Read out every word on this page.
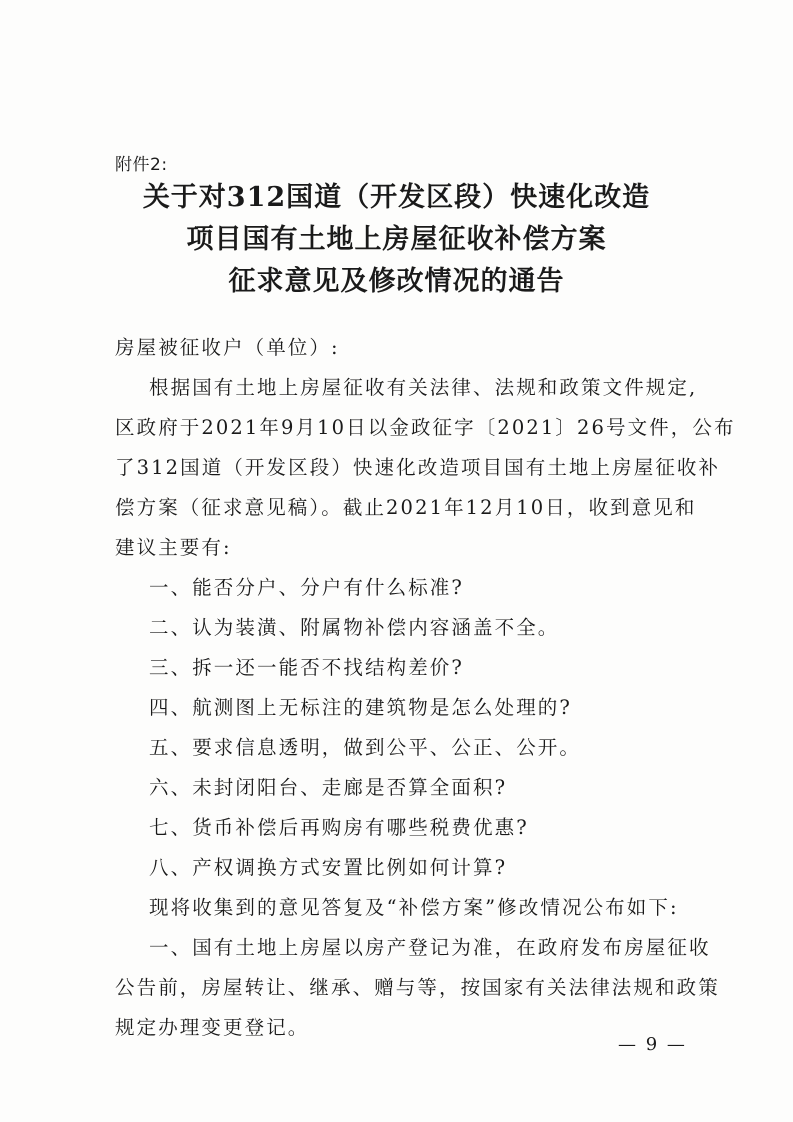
附件2:
关于对312国道（开发区段）快速化改造
项目国有土地上房屋征收补偿方案
征求意见及修改情况的通告
房屋被征收户（单位）:
根据国有土地上房屋征收有关法律、法规和政策文件规定,
区政府于2021年9月10日以金政征字〔2021〕26号文件，公布
了312国道（开发区段）快速化改造项目国有土地上房屋征收补
偿方案（征求意见稿）。截止2021年12月10日，收到意见和
建议主要有:
一、能否分户、分户有什么标准?
二、认为装潢、附属物补偿内容涵盖不全。
三、拆一还一能否不找结构差价?
四、航测图上无标注的建筑物是怎么处理的?
五、要求信息透明，做到公平、公正、公开。
六、未封闭阳台、走廊是否算全面积?
七、货币补偿后再购房有哪些税费优惠?
八、产权调换方式安置比例如何计算?
现将收集到的意见答复及“补偿方案”修改情况公布如下:
一、国有土地上房屋以房产登记为准，在政府发布房屋征收
公告前，房屋转让、继承、赠与等，按国家有关法律法规和政策
规定办理变更登记。
— 9 —
